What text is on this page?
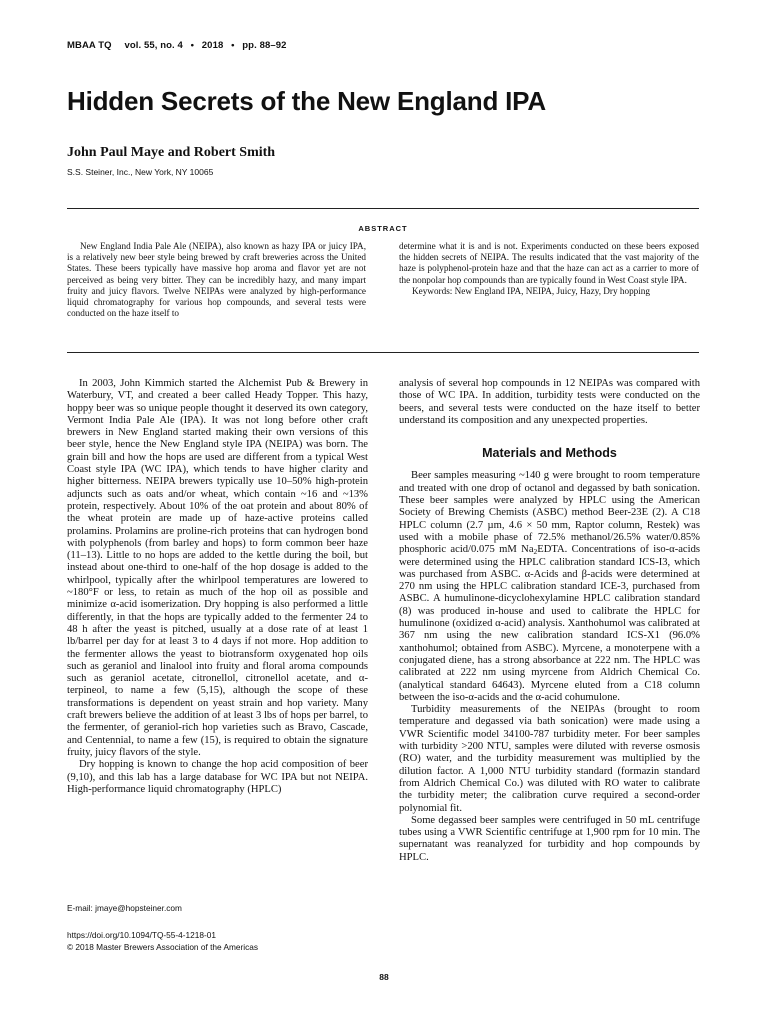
MBAA TQ vol. 55, no. 4 • 2018 • pp. 88–92
Hidden Secrets of the New England IPA

John Paul Maye and Robert Smith

S.S. Steiner, Inc., New York, NY 10065

ABSTRACT

New England India Pale Ale (NEIPA), also known as hazy IPA or juicy IPA, is a relatively new beer style being brewed by craft breweries across the United States. These beers typically have massive hop aroma and flavor yet are not perceived as being very bitter. They can be incredibly hazy, and many impart fruity and juicy flavors. Twelve NEIPAs were analyzed by high-performance liquid chromatography for various hop compounds, and several tests were conducted on the haze itself to

determine what it is and is not. Experiments conducted on these beers exposed the hidden secrets of NEIPA. The results indicated that the vast majority of the haze is polyphenol-protein haze and that the haze can act as a carrier to more of the nonpolar hop compounds than are typically found in West Coast style IPA.

Keywords: New England IPA, NEIPA, Juicy, Hazy, Dry hopping

In 2003, John Kimmich started the Alchemist Pub & Brewery in Waterbury, VT, and created a beer called Heady Topper. This hazy, hoppy beer was so unique people thought it deserved its own category, Vermont India Pale Ale (IPA). It was not long before other craft brewers in New England started making their own versions of this beer style, hence the New England style IPA (NEIPA) was born. The grain bill and how the hops are used are different from a typical West Coast style IPA (WC IPA), which tends to have higher clarity and higher bitterness. NEIPA brewers typically use 10–50% high-protein adjuncts such as oats and/or wheat, which contain ~16 and ~13% protein, respectively. About 10% of the oat protein and about 80% of the wheat protein are made up of haze-active proteins called prolamins. Prolamins are proline-rich proteins that can hydrogen bond with polyphenols (from barley and hops) to form common beer haze (11–13). Little to no hops are added to the kettle during the boil, but instead about one-third to one-half of the hop dosage is added to the whirlpool, typically after the whirlpool temperatures are lowered to ~180°F or less, to retain as much of the hop oil as possible and minimize α-acid isomerization. Dry hopping is also performed a little differently, in that the hops are typically added to the fermenter 24 to 48 h after the yeast is pitched, usually at a dose rate of at least 1 lb/barrel per day for at least 3 to 4 days if not more. Hop addition to the fermenter allows the yeast to biotransform oxygenated hop oils such as geraniol and linalool into fruity and floral aroma compounds such as geraniol acetate, citronellol, citronellol acetate, and α-terpineol, to name a few (5,15), although the scope of these transformations is dependent on yeast strain and hop variety. Many craft brewers believe the addition of at least 3 lbs of hops per barrel, to the fermenter, of geraniol-rich hop varieties such as Bravo, Cascade, and Centennial, to name a few (15), is required to obtain the signature fruity, juicy flavors of the style.

Dry hopping is known to change the hop acid composition of beer (9,10), and this lab has a large database for WC IPA but not NEIPA. High-performance liquid chromatography (HPLC)

analysis of several hop compounds in 12 NEIPAs was compared with those of WC IPA. In addition, turbidity tests were conducted on the beers, and several tests were conducted on the haze itself to better understand its composition and any unexpected properties.

Materials and Methods

Beer samples measuring ~140 g were brought to room temperature and treated with one drop of octanol and degassed by bath sonication. These beer samples were analyzed by HPLC using the American Society of Brewing Chemists (ASBC) method Beer-23E (2). A C18 HPLC column (2.7 µm, 4.6 × 50 mm, Raptor column, Restek) was used with a mobile phase of 72.5% methanol/26.5% water/0.85% phosphoric acid/0.075 mM $Na_2EDTA$. Concentrations of iso-α-acids were determined using the HPLC calibration standard ICS-I3, which was purchased from ASBC. α-Acids and β-acids were determined at 270 nm using the HPLC calibration standard ICE-3, purchased from ASBC. A humulinone-dicyclohexylamine HPLC calibration standard (8) was produced in-house and used to calibrate the HPLC for humulinone (oxidized α-acid) analysis. Xanthohumol was calibrated at 367 nm using the new calibration standard ICS-X1 (96.0% xanthohumol; obtained from ASBC). Myrcene, a monoterpene with a conjugated diene, has a strong absorbance at 222 nm. The HPLC was calibrated at 222 nm using myrcene from Aldrich Chemical Co. (analytical standard 64643). Myrcene eluted from a C18 column between the iso-α-acids and the α-acid cohumulone.

Turbidity measurements of the NEIPAs (brought to room temperature and degassed via bath sonication) were made using a VWR Scientific model 34100-787 turbidity meter. For beer samples with turbidity >200 NTU, samples were diluted with reverse osmosis (RO) water, and the turbidity measurement was multiplied by the dilution factor. A 1,000 NTU turbidity standard (formazin standard from Aldrich Chemical Co.) was diluted with RO water to calibrate the turbidity meter; the calibration curve required a second-order polynomial fit.

Some degassed beer samples were centrifuged in 50 mL centrifuge tubes using a VWR Scientific centrifuge at 1,900 rpm for 10 min. The supernatant was reanalyzed for turbidity and hop compounds by HPLC.

E-mail: jmaye@hopsteiner.com

https://doi.org/10.1094/TQ-55-4-1218-01

© 2018 Master Brewers Association of the Americas

88
